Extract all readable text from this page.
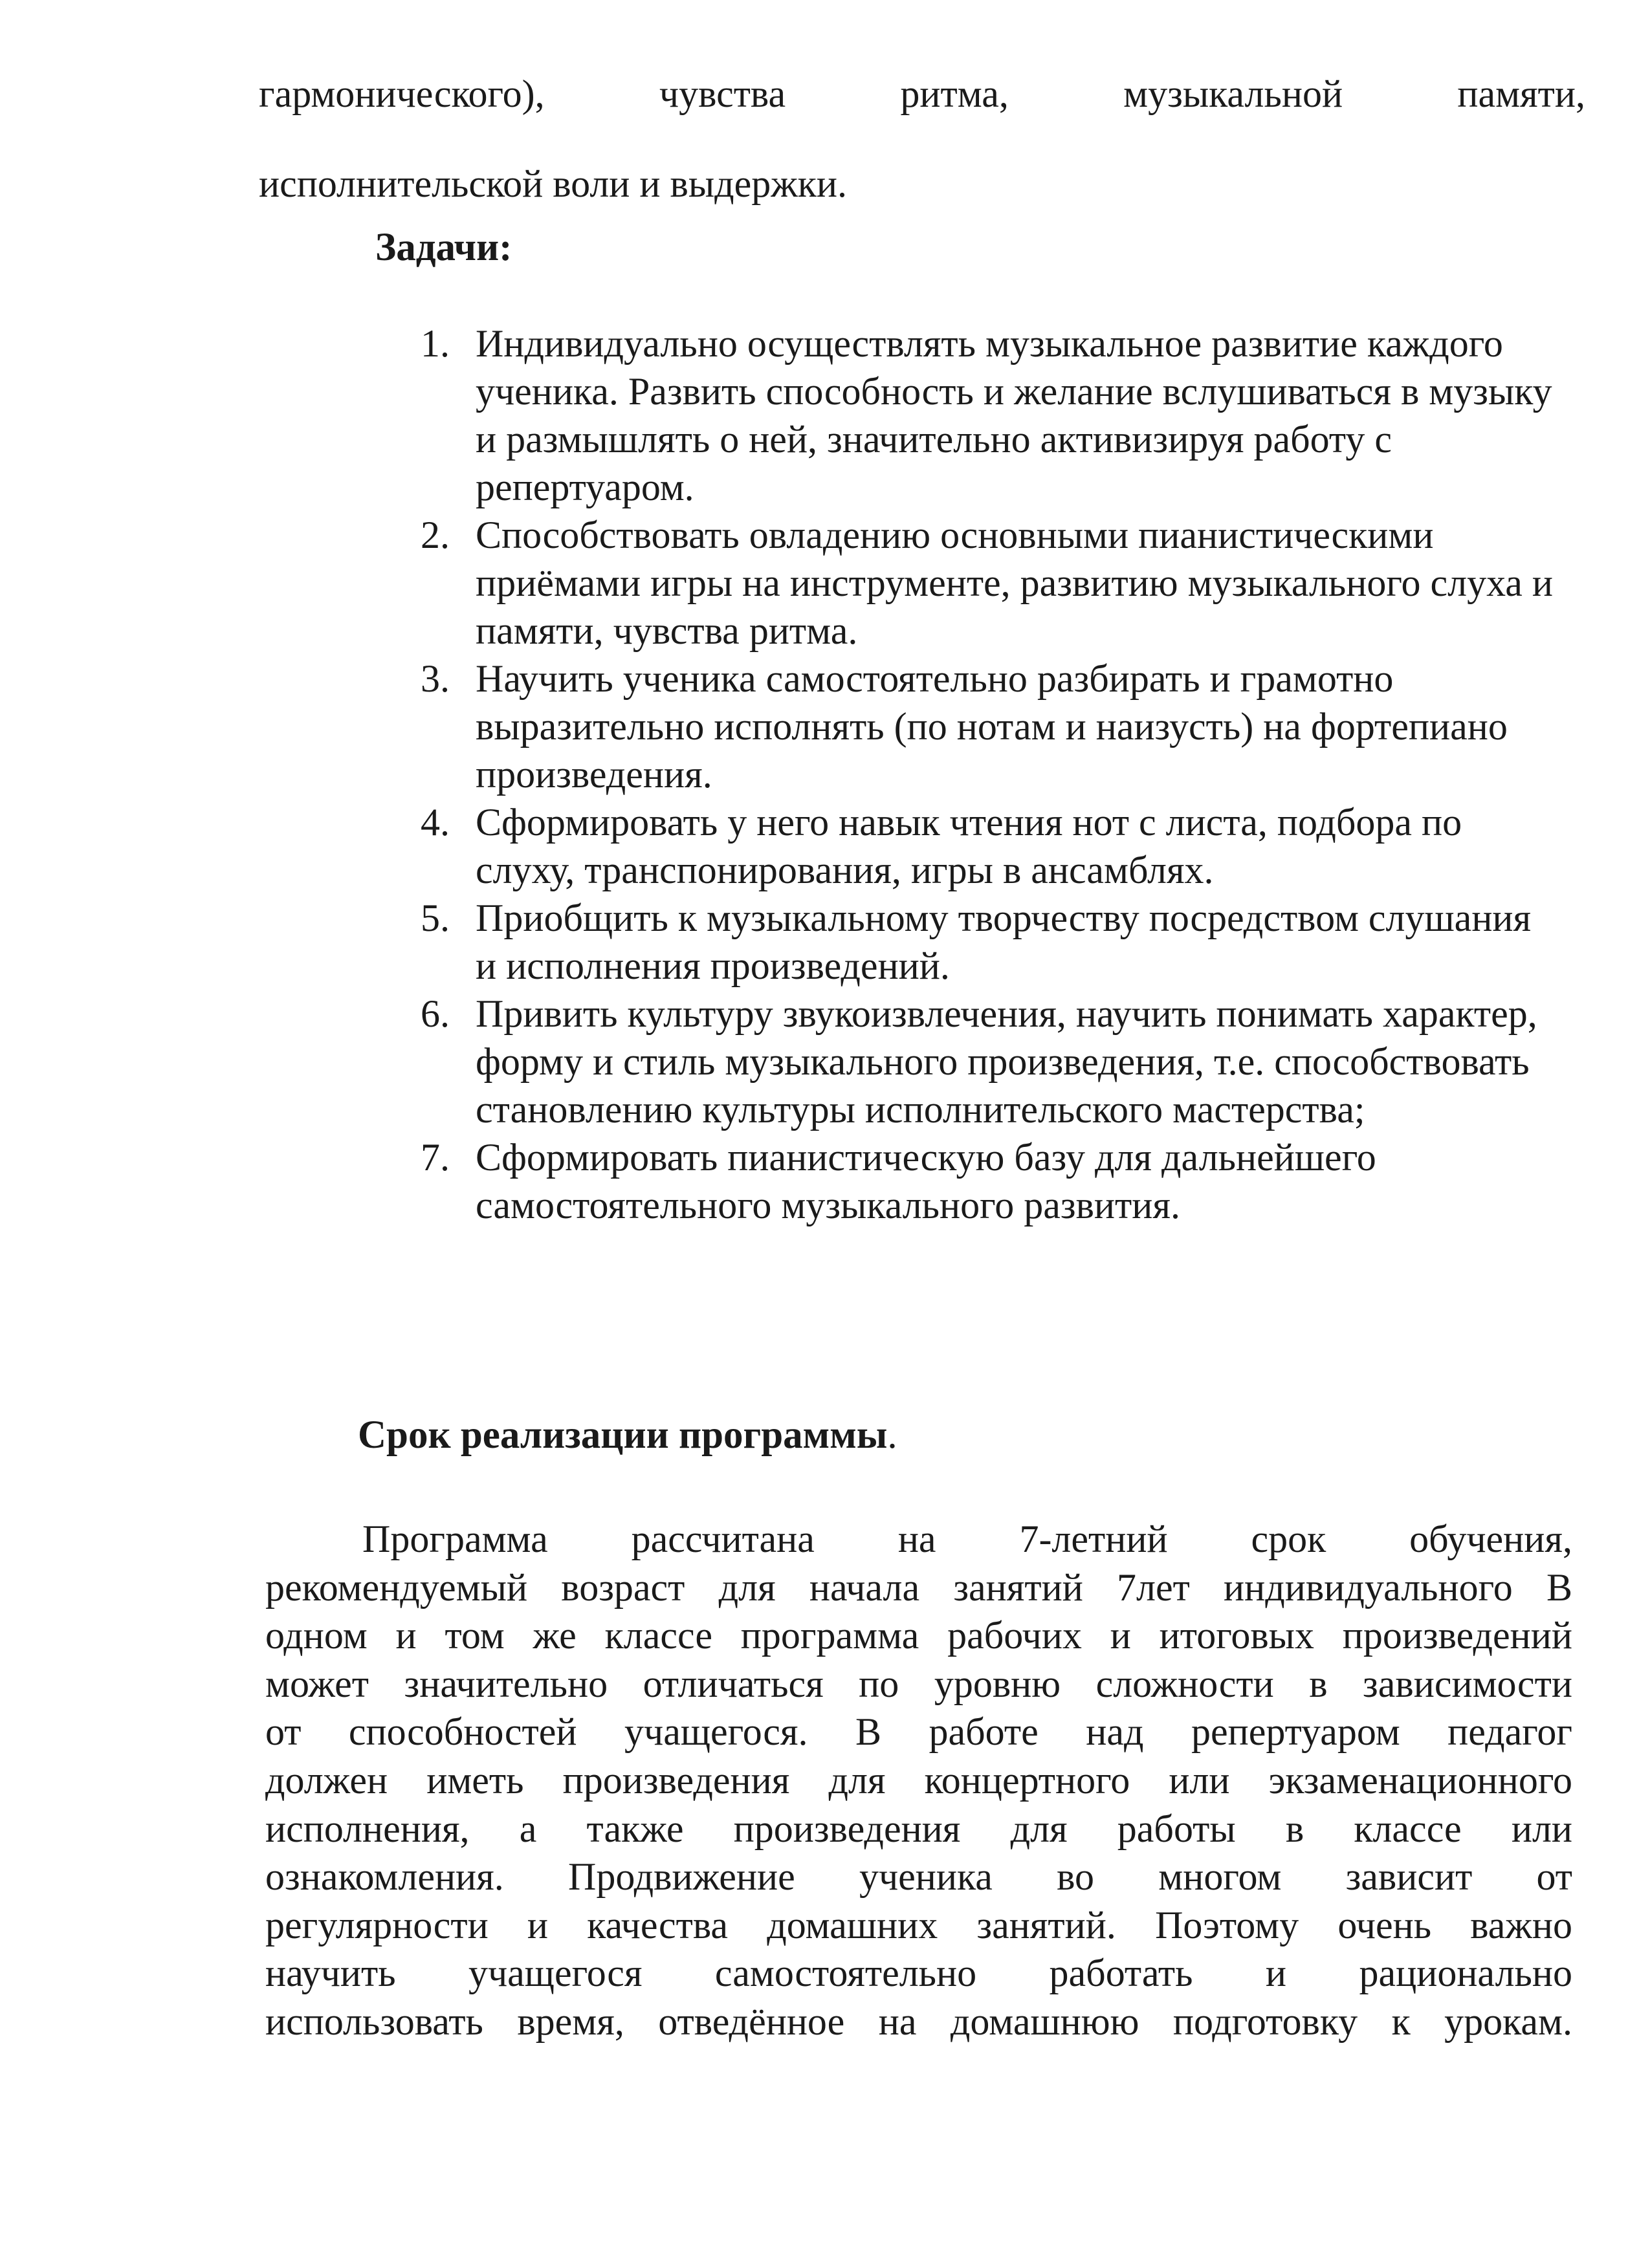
гармонического),	чувства	ритма,	музыкальной	памяти,
исполнительской воли и выдержки.
Задачи:
1. Индивидуально осуществлять музыкальное развитие каждого ученика. Развить способность и желание вслушиваться в музыку и размышлять о ней, значительно активизируя работу с репертуаром.
2. Способствовать овладению основными пианистическими приёмами игры на инструменте, развитию музыкального слуха и памяти, чувства ритма.
3. Научить ученика самостоятельно разбирать и грамотно выразительно исполнять (по нотам и наизусть) на фортепиано произведения.
4. Сформировать у него навык чтения нот с листа, подбора по слуху, транспонирования, игры в ансамблях.
5. Приобщить к музыкальному творчеству посредством слушания и исполнения произведений.
6. Привить культуру звукоизвлечения, научить понимать характер, форму и стиль музыкального произведения, т.е. способствовать становлению культуры исполнительского мастерства;
7. Сформировать пианистическую базу для дальнейшего самостоятельного музыкального развития.
Срок реализации программы.
Программа рассчитана на 7-летний срок обучения,
рекомендуемый возраст для начала занятий 7лет индивидуального В
одном и том же классе программа рабочих и итоговых произведений
может значительно отличаться по уровню сложности в зависимости
от способностей учащегося. В работе над репертуаром педагог
должен иметь произведения для концертного или экзаменационного
исполнения, а также произведения для работы в классе или
ознакомления. Продвижение ученика во многом зависит от
регулярности и качества домашних занятий. Поэтому очень важно
научить учащегося самостоятельно работать и рационально
использовать время, отведённое на домашнюю подготовку к урокам.
